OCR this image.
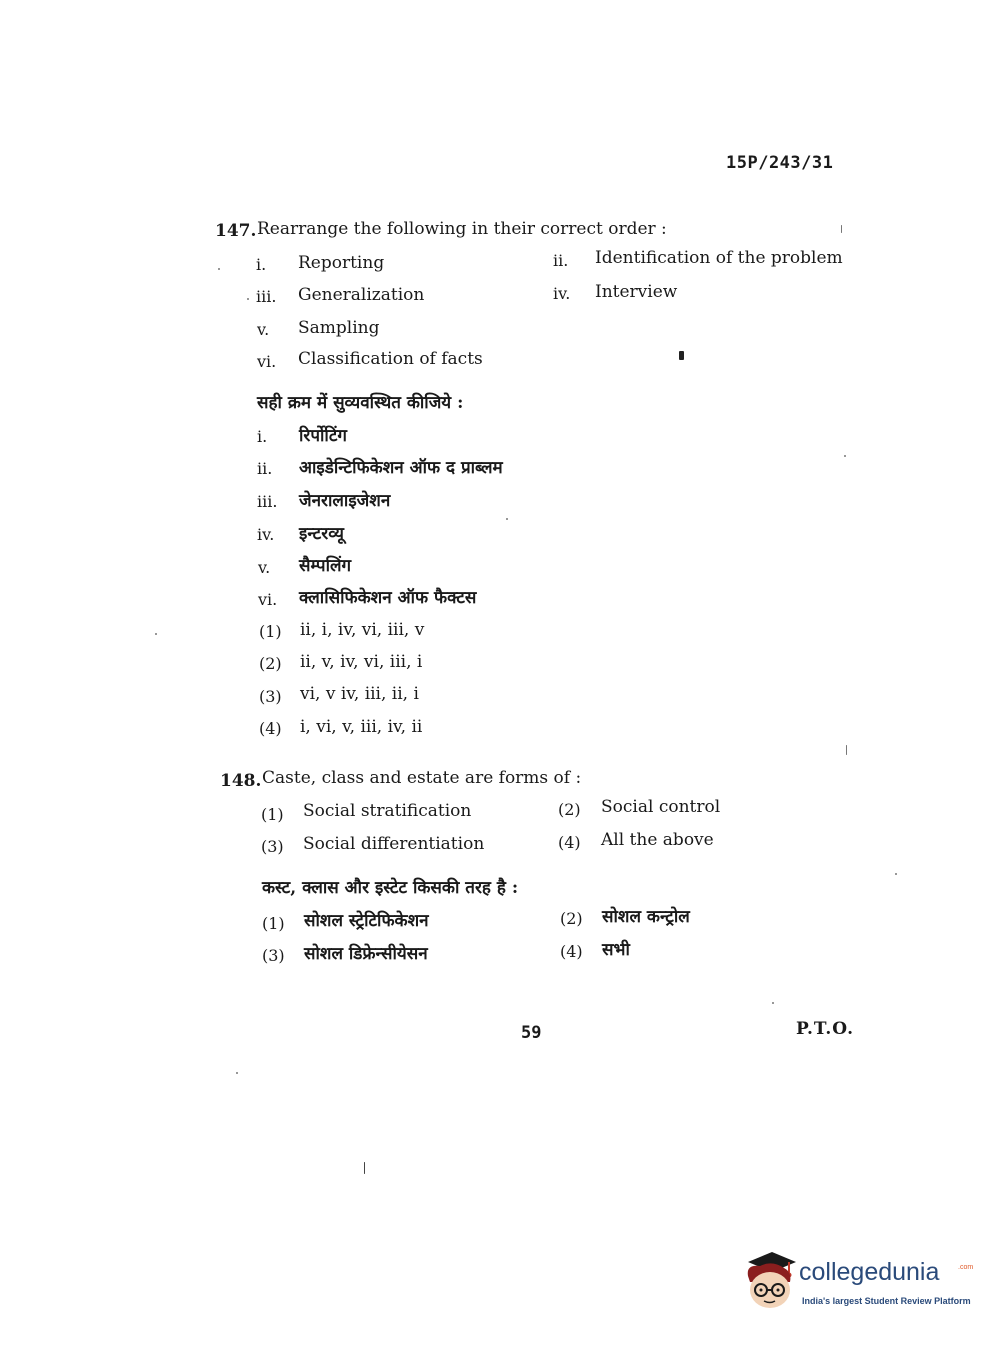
15P/243/31
147. Rearrange the following in their correct order :
i. Reporting	ii. Identification of the problem
iii. Generalization	iv. Interview
v. Sampling
vi. Classification of facts
सही क्रम में सुव्यवस्थित कीजिये :
i. रिर्पोटिंग
ii. आइडेन्टिफिकेशन ऑफ द प्राब्लम
iii. जेनरालाइजेशन
iv. इन्टरव्यू
v. सैम्पलिंग
vi. क्लासिफिकेशन ऑफ फैक्टस
(1) ii, i, iv, vi, iii, v
(2) ii, v, iv, vi, iii, i
(3) vi, v iv, iii, ii, i
(4) i, vi, v, iii, iv, ii
148. Caste, class and estate are forms of :
(1) Social stratification	(2) Social control
(3) Social differentiation	(4) All the above
कस्ट, क्लास और इस्टेट किसकी तरह है :
(1) सोशल स्ट्रेटिफिकेशन	(2) सोशल कन्ट्रोल
(3) सोशल डिफ्रेन्सीयेसन	(4) सभी
59	P.T.O.
collegedunia	.com
India's largest Student Review Platform
